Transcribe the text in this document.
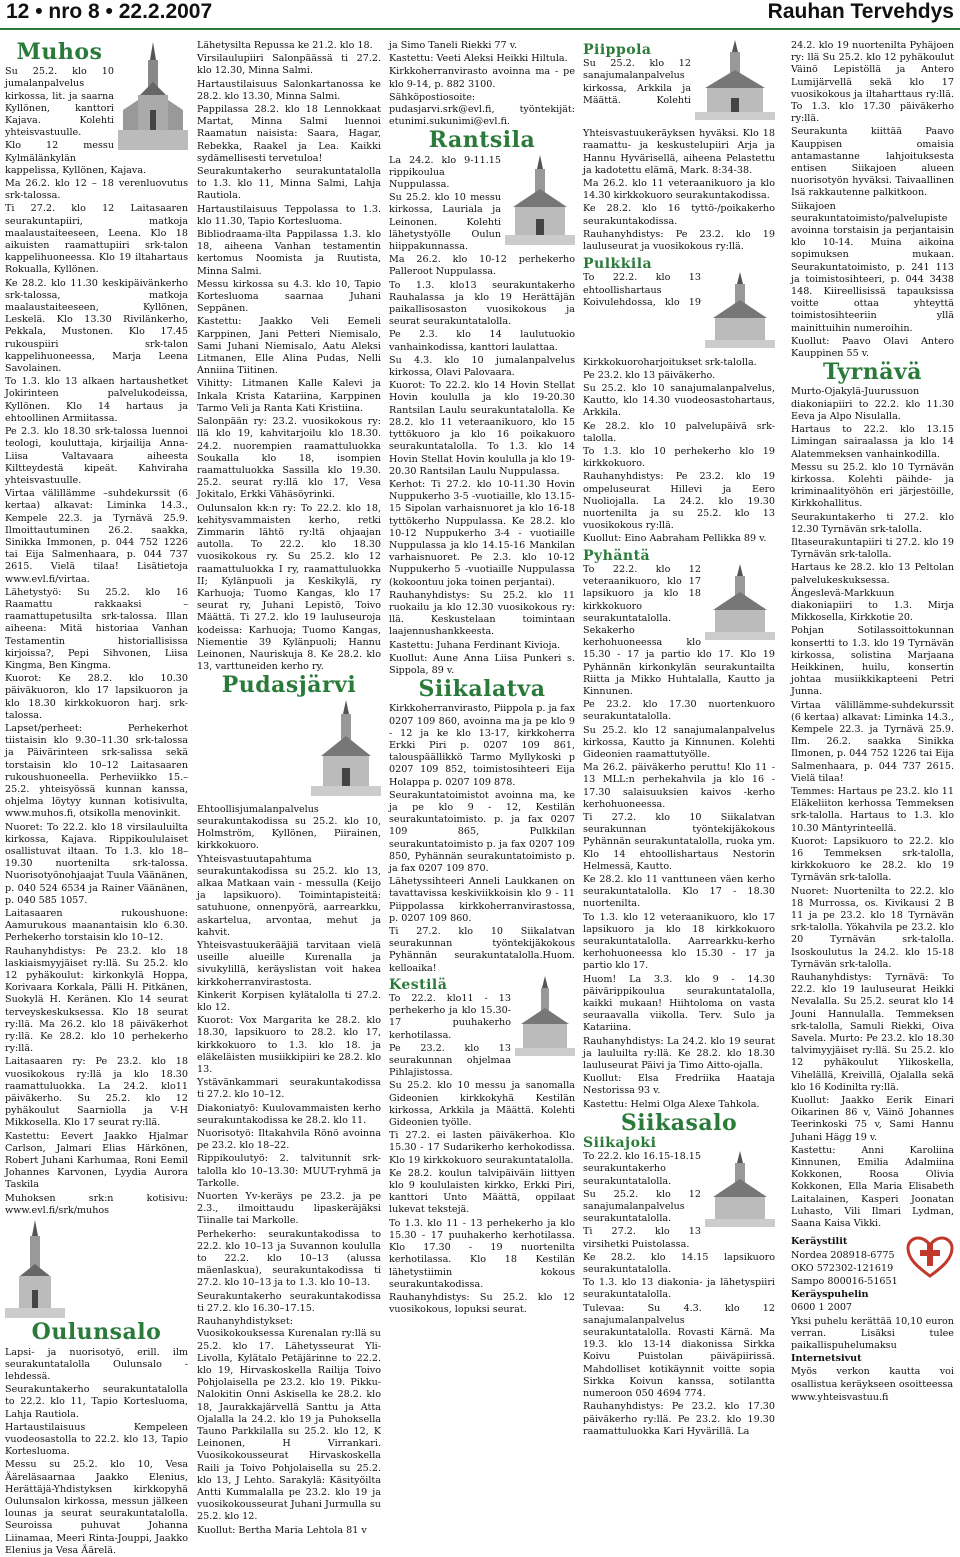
12 • nro 8 • 22.2.2007	Rauhan Tervehdys
Muhos

Su 25.2. klo 10 jumalanpalvelus kirkossa, lit. ja saarna Kyllönen, kanttori Kajava. Kolehti yhteisvastuulle.

Klo 12 messu Kylmälänkylän kappelissa, Kyllönen, Kajava.

Ma 26.2. klo 12 – 18 verenluovutus srk-talossa.

Ti 27.2. klo 12 Laitasaaren seurakuntapiiri, matkoja maalaustaiteeseen, Leena. Klo 18 aikuisten raamattupiiri srk-talon kappelihuoneessa. Klo 19 iltahartaus Rokualla, Kyllönen.

Ke 28.2. klo 11.30 keskipäivänkerho srk-talossa, matkoja maalaustaiteeseen, Kyllönen, Leskelä. Klo 13.30 Rivilänkerho, Pekkala, Mustonen. Klo 17.45 rukouspiiri srk-talon kappelihuoneessa, Marja Leena Savolainen.

To 1.3. klo 13 alkaen hartaushetket Jokirinteen palvelukodeissa, Kyllönen. Klo 14 hartaus ja ehtoollinen Armiitassa.

Pe 2.3. klo 18.30 srk-talossa luennoi teologi, kouluttaja, kirjailija Anna-Liisa Valtavaara aiheesta Kiltteydestä kipeät. Kahviraha yhteisvastuulle.

Virtaa välillämme –suhdekurssit (6 kertaa) alkavat: Liminka 14.3., Kempele 22.3. ja Tyrnävä 25.9. Ilmoittautuminen 26.2. saakka, Sinikka Immonen, p. 044 752 1226 tai Eija Salmenhaara, p. 044 737 2615. Vielä tilaa! Lisätietoja www.evl.fi/virtaa.

Lähetystyö: Su 25.2. klo 16 Raamattu rakkaaksi –raamattupetusilta srk-talossa. Illan aiheena: Mitä historiaa Vanhan Testamentin historiallisissa kirjoissa?, Pepi Sihvonen, Liisa Kingma, Ben Kingma.

Kuorot: Ke 28.2. klo 10.30 päiväkuoron, klo 17 lapsikuoron ja klo 18.30 kirkkokuoron harj. srk-talossa.

Lapset/perheet: Perhekerhot tiistaisin klo 9.30–11.30 srk-talossa ja Päivärinteen srk-salissa sekä torstaisin klo 10–12 Laitasaaren rukoushuoneella. Perheviikko 15.–25.2. yhteisyössä kunnan kanssa, ohjelma löytyy kunnan kotisivulta, www.muhos.fi, otsikolla menovinkit.

Nuoret: To 22.2. klo 18 virsilauluilta kirkossa, Kajava. Rippikoululaiset osallistuvat iltaan. To 1.3. klo 18–19.30 nuortenilta srk-talossa. Nuorisotyönohjaajat Tuula Väänänen, p. 040 524 6534 ja Rainer Väänänen, p. 040 585 1057.

Laitasaaren rukoushuone: Aamurukous maanantaisin klo 6.30. Perhekerho torstaisin klo 10–12.

Rauhanyhdistys: Pe 23.2. klo 18 laskiaismyyjäiset ry:llä. Su 25.2. klo 12 pyhäkoulut: kirkonkylä Hoppa, Korivaara Korkala, Pälli H. Pitkänen, Suokylä H. Keränen. Klo 14 seurat terveyskeskuksessa. Klo 18 seurat ry:llä. Ma 26.2. klo 18 päiväkerhot ry:llä. Ke 28.2. klo 10 perhekerho ry:llä.

Laitasaaren ry: Pe 23.2. klo 18 vuosikokous ry:llä ja klo 18.30 raamattuluokka. La 24.2. klo11 päiväkerho. Su 25.2. klo 12 pyhäkoulut Saarniolla ja V-H Mikkosella. Klo 17 seurat ry:llä.

Kastettu: Eevert Jaakko Hjalmar Carlson, Jalmari Elias Härkönen, Robert Juhani Karhumaa, Roni Eemil Johannes Karvonen, Lyydia Aurora Taskila

Muhoksen srk:n kotisivu: www.evl.fi/srk/muhos

Oulunsalo

Lapsi- ja nuorisotyö, erill. ilm seurakuntatalolla Oulunsalo -lehdessä.

Seurakuntakerho seurakuntatalolla to 22.2. klo 11, Tapio Kortesluoma, Lahja Rautiola.

Hartaustilaisuus Kempeleen vuodeosastolla to 22.2. klo 13, Tapio Kortesluoma.

Messu su 25.2. klo 10, Vesa Ääreläsaarnaa Jaakko Elenius, Herättäjä-Yhdistyksen kirkkopyhä Oulunsalon kirkossa, messun jälkeen lounas ja seurat seurakuntatalolla. Seuroissa puhuvat Johanna Liinamaa, Meeri Rinta-Jouppi, Jaakko Elenius ja Vesa Äärelä.

Lähetysilta Repussa ke 21.2. klo 18.

Virsilaulupiiri Salonpäässä ti 27.2. klo 12.30, Minna Salmi.

Hartaustilaisuus Salonkartanossa ke 28.2. klo 13.30, Minna Salmi.

Pappilassa 28.2. klo 18 Lennokkaat Martat, Minna Salmi luennoi Raamatun naisista: Saara, Hagar, Rebekka, Raakel ja Lea. Kaikki sydämellisesti tervetuloa!

Seurakuntakerho seurakuntatalolla to 1.3. klo 11, Minna Salmi, Lahja Rautiola.

Hartaustilaisuus Teppolassa to 1.3. klo 11.30, Tapio Kortesluoma.

Bibliodraama-ilta Pappilassa 1.3. klo 18, aiheena Vanhan testamentin kertomus Noomista ja Ruutista, Minna Salmi.

Messu kirkossa su 4.3. klo 10, Tapio Kortesluoma saarnaa Juhani Seppänen.

Kastettu: Jaakko Veli Eemeli Karppinen, Jani Petteri Niemisalo, Sami Juhani Niemisalo, Aatu Aleksi Litmanen, Elle Alina Pudas, Nelli Anniina Tiitinen.

Vihitty: Litmanen Kalle Kalevi ja Inkala Krista Katariina, Karppinen Tarmo Veli ja Ranta Kati Kristiina.

Salonpään ry: 23.2. vuosikokous ry: llä klo 19, kahvitarjoilu klo 18.30. 24.2. nuorempien raamattuluokka Soukalla klo 18, isompien raamattuluokka Sassilla klo 19.30. 25.2. seurat ry:llä klo 17, Vesa Jokitalo, Erkki Vähäsöyrinki.

Oulunsalon kk:n ry: To 22.2. klo 18, kehitysvammaisten kerho, retki Zimmarin lähtö ry:ltä ohjaajan autolla. To 22.2. klo 18.30 vuosikokous ry. Su 25.2. klo 12 raamattuluokka I ry, raamattuluokka II; Kylänpuoli ja Keskikylä, ry Karhuoja; Tuomo Kangas, klo 17 seurat ry, Juhani Lepistö, Toivo Määttä. Ti 27.2. klo 19 lauluseuroja kodeissa: Karhuoja; Tuomo Kangas, Niementie 39 Kylänpuoli; Hannu Leinonen, Nauriskuja 8. Ke 28.2. klo 13, varttuneiden kerho ry.

Pudasjärvi

Ehtoollisjumalanpalvelus seurakuntakodissa su 25.2. klo 10, Holmström, Kyllönen, Piirainen, kirkkokuoro.

Yhteisvastuutapahtuma seurakuntakodissa su 25.2. klo 13, alkaa Matkaan vain - messulla (Keijo ja lapsikuoro). Toimintapisteitä: satuhuone, onnenpyörä, aarrearkku, askartelua, arvontaa, mehut ja kahvit.

Yhteisvastuukerääjiä tarvitaan vielä useille alueille Kurenalla ja sivukylillä, keräyslistan voit hakea kirkkoherranvirastosta.

Kinkerit Korpisen kylätalolla ti 27.2. klo 12.

Kuorot: Vox Margarita ke 28.2. klo 18.30, lapsikuoro to 28.2. klo 17, kirkkokuoro to 1.3. klo 18. ja eläkeläisten musiikkipiiri ke 28.2. klo 13.

Ystävänkammari seurakuntakodissa ti 27.2. klo 10–12.

Diakoniatyö: Kuulovammaisten kerho seurakuntakodissa ke 28.2. klo 11.

Nuorisotyö: Iltakahvila Rönö avoinna pe 23.2. klo 18–22.

Rippikoulutyö: 2. talvitunnit srk-talolla klo 10–13.30: MUUT-ryhmä ja Tarkolle.

Nuorten Yv-keräys pe 23.2. ja pe 2.3., ilmoittaudu lipaskeräjäksi Tiinalle tai Markolle.

Perhekerho: seurakuntakodissa to 22.2. klo 10–13 ja Suvannon koululla to 22.2. klo 10–13 (alussa mäenlaskua), seurakuntakodissa ti 27.2. klo 10–13 ja to 1.3. klo 10–13.

Seurakuntakerho seurakuntakodissa ti 27.2. klo 16.30–17.15.

Rauhanyhdistykset: Vuosikokouksessa Kurenalan ry:llä su 25.2. klo 17. Lähetysseurat Yli-Livolla, Kylätalo Petäjärinne to 22.2. klo 19, Hirvaskoskella Railija Toivo Pohjolaisella pe 23.2. klo 19. Pikku-Nalokitin Onni Askisella ke 28.2. klo 18, Jaurakkajärvellä Santtu ja Atta Ojalalla la 24.2. klo 19 ja Puhoksella Tauno Parkkilalla su 25.2. klo 12, K Leinonen, H Virrankari. Vuosikokousseurat Hirvaskoskella Raili ja Toivo Pohjolaisella su 25.2. klo 13, J Lehto. Sarakylä: Käsityöilta Antti Kummalalla pe 23.2. klo 19 ja vuosikokousseurat Juhani Jurmulla su 25.2. klo 12.

Kuollut: Bertha Maria Lehtola 81 v

ja Simo Taneli Riekki 77 v.

Kastettu: Veeti Aleksi Heikki Hiltula.

Kirkkoherranvirasto avoinna ma - pe klo 9-14, p. 882 3100.

Sähköpostiosoite: pudasjarvi.srk@evl.fi, työntekijät: etunimi.sukunimi@evl.fi.

Rantsila

La 24.2. klo 9-11.15 rippikoulua Nuppulassa.

Su 25.2. klo 10 messu kirkossa, Lauriala ja Leinonen. Kolehti lähetystyölle Oulun hiippakunnassa.

Ma 26.2. klo 10-12 perhekerho Palleroot Nuppulassa.

To 1.3. klo13 seurakuntakerho Rauhalassa ja klo 19 Herättäjän paikallisosaston vuosikokous ja seurat seurakuntatalolla.

Pe 2.3. klo 14 laulutuokio vanhainkodissa, kanttori laulattaa.

Su 4.3. klo 10 jumalanpalvelus kirkossa, Olavi Palovaara.

Kuorot: To 22.2. klo 14 Hovin Stellat Hovin koululla ja klo 19-20.30 Rantsilan Laulu seurakuntatalolla. Ke 28.2. klo 11 veteraanikuoro, klo 15 tyttökuoro ja klo 16 poikakuoro seurakuntatalolla. To 1.3. klo 14 Hovin Stellat Hovin koululla ja klo 19-20.30 Rantsilan Laulu Nuppulassa.

Kerhot: Ti 27.2. klo 10-11.30 Hovin Nuppukerho 3-5 -vuotiaille, klo 13.15-15 Sipolan varhaisnuoret ja klo 16-18 tyttökerho Nuppulassa. Ke 28.2. klo 10-12 Nuppukerho 3-4 - vuotiaille Nuppulassa ja klo 14.15-16 Mankilan varhaisnuoret. Pe 2.3. klo 10-12 Nuppukerho 5 -vuotiaille Nuppulassa (kokoontuu joka toinen perjantai).

Rauhanyhdistys: Su 25.2. klo 11 ruokailu ja klo 12.30 vuosikokous ry: llä. Keskustelaan toimintaan laajennushankkeesta.

Kastettu: Juhana Ferdinant Kivioja.

Kuollut: Aune Anna Liisa Punkeri s. Sippola, 89 v.

Siikalatva

Kirkkoherranvirasto, Piippola p. ja fax 0207 109 860, avoinna ma ja pe klo 9 - 12 ja ke klo 13-17, kirkkoherra Erkki Piri p. 0207 109 861, talouspäällikkö Tarmo Myllykoski p 0207 109 852, toimistosihteeri Eija Holappa p. 0207 109 878.

Seurakuntatoimistot avoinna ma, ke ja pe klo 9 - 12, Kestilän seurakuntatoimisto. p. ja fax 0207 109 865, Pulkkilan seurakuntatoimisto p. ja fax 0207 109 850, Pyhännän seurakuntatoimisto p. ja fax 0207 109 870.

Lähetyssihteeri Anneli Laukkanen on tavattavissa keskiviikkoisin klo 9 - 11 Piippolassa kirkkoherranvirastossa, p. 0207 109 860.

Ti 27.2. klo 10 Siikalatvan seurakunnan työntekijäkokous Pyhännän seurakuntatalolla.Huom. kelloaika!

Kestilä

To 22.2. klo11 - 13 perhekerho ja klo 15.30- 17 puuhakerho kerhotilassa.

Pe 23.2. klo 13 seurakunnan ohjelmaa Pihlajistossa.

Su 25.2. klo 10 messu ja sanomalla Gideonien kirkkokyhä Kestilän kirkossa, Arkkila ja Määttä. Kolehti Gideonien työlle.

Ti 27.2. ei lasten päiväkerhoa. Klo 15.30 - 17 Sudarikerho kerhokodissa. Klo 19 kirkkokuoro seurakuntatalolla.

Ke 28.2. koulun talvipäiväin liittyen klo 9 koululaisten kirkko, Erkki Piri, kanttori Unto Määttä, oppilaat lukevat tekstejä.

To 1.3. klo 11 - 13 perhekerho ja klo 15.30 - 17 puuhakerho kerhotilassa. Klo 17.30 - 19 nuortenilta kerhotilassa. Klo 18 Kestilän lähetystiimin kokous seurakuntakodissa.

Rauhanyhdistys: Su 25.2. klo 12 vuosikokous, lopuksi seurat.

Piippola

Su 25.2. klo 12 sanajumalanpalvelus kirkossa, Arkkila ja Määttä. Kolehti Yhteisvastuukeräyksen hyväksi. Klo 18 raamattu- ja keskustelupiiri Arja ja Hannu Hyvärisellä, aiheena Pelastettu ja kadotettu elämä, Mark. 8:34-38.

Ma 26.2. klo 11 veteraanikuoro ja klo 14.30 kirkkokuoro seurakuntakodissa.

Ke 28.2. klo 16 tyttö-/poikakerho seurakuntakodissa.

Rauhanyhdistys: Pe 23.2. klo 19 lauluseurat ja vuosikokous ry:llä.

Pulkkila

To 22.2. klo 13 ehtoollishartaus Koivulehdossa, klo 19 Kirkkokuoroharjoitukset srk-talolla.

Pe 23.2. klo 13 päiväkerho.

Su 25.2. klo 10 sanajumalanpalvelus, Kautto, klo 14.30 vuodeosastohartaus, Arkkila.

Ke 28.2. klo 10 palvelupäivä srk-talolla.

To 1.3. klo 10 perhekerho klo 19 kirkkokuoro.

Rauhanyhdistys: Pe 23.2. klo 19 ompeluseurat Hillevi ja Eero Nuoliojalla. La 24.2. klo 19.30 nuortenilta ja su 25.2. klo 13 vuosikokous ry:llä.

Kuollut: Eino Aabraham Pellikka 89 v.

Pyhäntä

To 22.2. klo 12 veteraanikuoro, klo 17 lapsikuoro ja klo 18 kirkkokuoro seurakuntatalolla. Sekakerho kerhohuoneessa klo 15.30 - 17 ja partio klo 17. Klo 19 Pyhännän kirkonkylän seurakuntailta Riitta ja Mikko Huhtalalla, Kautto ja Kinnunen.

Pe 23.2. klo 17.30 nuortenkuoro seurakuntatalolla.

Su 25.2. klo 12 sanajumalanpalvelus kirkossa, Kautto ja Kinnunen. Kolehti Gideonien raamattutyölle.

Ma 26.2. päiväkerho peruttu! Klo 11 - 13 MLL:n perhekahvila ja klo 16 - 17.30 salaisuuksien kaivos -kerho kerhohuoneessa.

Ti 27.2. klo 10 Siikalatvan seurakunnan työntekijäkokous Pyhännän seurakuntatalolla, ruoka ym. Klo 14 ehtoollishartaus Nestorin Helmessä, Kautto.

Ke 28.2. klo 11 vanttuneen väen kerho seurakuntatalolla. Klo 17 - 18.30 nuortenilta.

To 1.3. klo 12 veteraanikuoro, klo 17 lapsikuoro ja klo 18 kirkkokuoro seurakuntatalolla. Aarrearkku-kerho kerhohuoneessa klo 15.30 - 17 ja partio klo 17.

Huom! La 3.3. klo 9 - 14.30 päivärippikoulua seurakuntatalolla, kaikki mukaan! Hiihtoloma on vasta seuraavalla viikolla. Terv. Sulo ja Katariina.

Rauhanyhdistys: La 24.2. klo 19 seurat ja lauluilta ry:llä. Ke 28.2. klo 18.30 lauluseurat Päivi ja Timo Aitto-ojalla.

Kuollut: Elsa Fredriika Haataja Nestorissa 93 v.

Kastettu: Helmi Olga Alexe Tahkola.

Siikasalo
Siikajoki

To 22.2. klo 16.15-18.15 seurakuntakerho seurakuntatalolla.

Su 25.2. klo 12 sanajumalanpalvelus seurakuntatalolla.

Ti 27.2. klo 13 virsihetki Puistolassa.

Ke 28.2. klo 14.15 lapsikuoro seurakuntatalolla.

To 1.3. klo 13 diakonia- ja lähetyspiiri seurakuntatalolla.

Tulevaa: Su 4.3. klo 12 sanajumalanpalvelus seurakuntatalolla. Rovasti Kärnä. Ma 19.3. klo 13-14 diakonissa Sirkka Koivu Puistolan päiväpiirissä. Mahdolliset kotikäynnit voitte sopia Sirkka Koivun kanssa, sotilantta numeroon 050 4694 774.

Rauhanyhdistys: Pe 23.2. klo 17.30 päiväkerho ry:llä. Pe 23.2. klo 19.30 raamattuluokka Kari Hyvärillä. La

24.2. klo 19 nuortenilta Pyhäjoen ry: llä Su 25.2. klo 12 pyhäkoulut Väinö Lepistöllä ja Antero Lumijärvellä sekä klo 17 vuosikokous ja iltaharttaus ry:llä. To 1.3. klo 17.30 päiväkerho ry:llä.

Seurakunta kiittää Paavo Kauppisen omaisia antamastanne lahjoituksesta entisen Siikajoen alueen nuorisotyön hyväksi. Taivaallinen Isä rakkautenne palkitkoon.

Siikajoen seurakuntatoimisto/palvelupiste avoinna torstaisin ja perjantaisin klo 10-14. Muina aikoina sopimuksen mukaan. Seurakuntatoimisto, p. 241 113 ja toimistosihteeri, p. 044 3438 148. Kiireellisissä tapauksissa voitte ottaa yhteyttä toimistosihteeriin yllä mainittuihin numeroihin.

Kuollut: Paavo Olavi Antero Kauppinen 55 v.

Tyrnävä

Murto-Ojakylä-Juurussuon diakoniapiiri to 22.2. klo 11.30 Eeva ja Alpo Nisulalla.

Hartaus to 22.2. klo 13.15 Limingan sairaalassa ja klo 14 Alatemmeksen vanhainkodilla.

Messu su 25.2. klo 10 Tyrnävän kirkossa. Kolehti päihde- ja kriminaalityöhön eri järjestöille, Kirkkohallitus.

Seurakuntakerho ti 27.2. klo 12.30 Tyrnävän srk-talolla.

Iltaseurakuntapiiri ti 27.2. klo 19 Tyrnävän srk-talolla.

Hartaus ke 28.2. klo 13 Peltolan palvelukeskuksessa.

Ängeslevä-Markkuun diakoniapiiri to 1.3. Mirja Mikkosella, Kirkkotie 20.

Pohjan Sotilassoittokunnan konsertti to 1.3. klo 19 Tyrnävän kirkossa, solistina Marjaana Heikkinen, huilu, konsertin johtaa musiikkikapteeni Petri Junna.

Virtaa välillämme-suhdekurssit (6 kertaa) alkavat: Liminka 14.3., Kempele 22.3. ja Tyrnävä 25.9. Ilm. 26.2. saakka Sinikka Ilmonen, p. 044 752 1226 tai Eija Salmenhaara, p. 044 737 2615. Vielä tilaa!

Temmes: Hartaus pe 23.2. klo 11 Eläkeliiton kerhossa Temmeksen srk-talolla. Hartaus to 1.3. klo 10.30 Mäntyrinteellä.

Kuorot: Lapsikuoro to 22.2. klo 16 Temmeksen srk-talolla, kirkkokuoro ke 28.2. klo 19 Tyrnävän srk-talolla.

Nuoret: Nuortenilta to 22.2. klo 18 Murrossa, os. Kivikausi 2 B 11 ja pe 23.2. klo 18 Tyrnävän srk-talolla. Yökahvila pe 23.2. klo 20 Tyrnävän srk-talolla. Isoskoulutus la 24.2. klo 15-18 Tyrnävän srk-talolla.

Rauhanyhdistys: Tyrnävä: To 22.2. klo 19 lauluseurat Heikki Nevalalla. Su 25.2. seurat klo 14 Jouni Hannulalla. Temmeksen srk-talolla, Samuli Riekki, Oiva Savela. Murto: Pe 23.2. klo 18.30 talvimyyjäiset ry:llä. Su 25.2. klo 12 pyhäkoulut Ylikoskella, Vihelällä, Kreivillä, Ojalalla sekä klo 16 Kodinilta ry:llä.

Kuollut: Jaakko Eerik Einari Oikarinen 86 v, Väinö Johannes Teerinkoski 75 v, Sami Hannu Juhani Hägg 19 v.

Kastettu: Anni Karoliina Kinnunen, Emilia Adalmiina Kokkonen, Roosa Olivia Kokkonen, Ella Maria Elisabeth Laitalainen, Kasperi Joonatan Luhasto, Vili Ilmari Lydman, Saana Kaisa Vikki.

Keräystilit

Nordea 208918-6775

OKO 572302-121619

Sampo 800016-51651

Keräyspuhelin

0600 1 2007

Yksi puhelu kerättää 10,10 euron verran. Lisäksi tulee paikallispuhelumaksu

Internetsivut

Myös verkon kautta voi osallistua keräykseen osoitteessa

www.yhteisvastuu.fi
